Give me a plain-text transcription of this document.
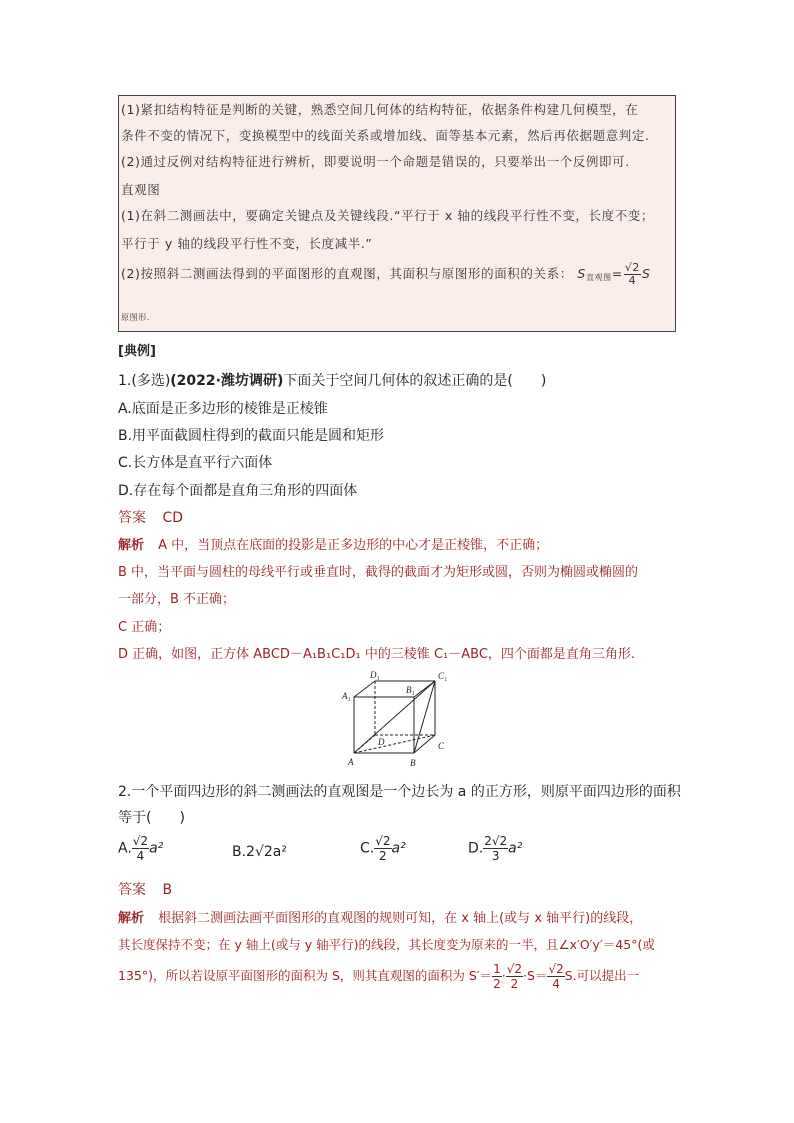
(1)紧扣结构特征是判断的关键，熟悉空间几何体的结构特征，依据条件构建几何模型，在
条件不变的情况下，变换模型中的线面关系或增加线、面等基本元素，然后再依据题意判定.
(2)通过反例对结构特征进行辨析，即要说明一个命题是错误的，只要举出一个反例即可.
直观图
(1)在斜二测画法中，要确定关键点及关键线段.“平行于 x 轴的线段平行性不变，长度不变；
平行于 y 轴的线段平行性不变，长度减半.”
(2)按照斜二测画法得到的平面图形的直观图，其面积与原图形的面积的关系： $S_{直观图}= \frac{√2}{4}$ S
原图形.
[典例]
1.(多选)(2022·潍坊调研)下面关于空间几何体的叙述正确的是(　　)
A.底面是正多边形的棱锥是正棱锥
B.用平面截圆柱得到的截面只能是圆和矩形
C.长方体是直平行六面体
D.存在每个面都是直角三角形的四面体
答案 CD
解析 A 中，当顶点在底面的投影是正多边形的中心才是正棱锥，不正确；
B 中，当平面与圆柱的母线平行或垂直时，截得的截面才为矩形或圆，否则为椭圆或椭圆的
一部分，B 不正确；
C 正确；
D 正确，如图，正方体 ABCD－A₁B₁C₁D₁ 中的三棱锥 C₁－ABC，四个面都是直角三角形.
D₁
B₁
C₁
A₁
D
A	B
C
2.一个平面四边形的斜二测画法的直观图是一个边长为 a 的正方形，则原平面四边形的面积
等于(　　)
A. $\frac{√2}{4} a^2$	B.2√2a²	C. $\frac{√2}{2} a^2$	D. $\frac{2√2}{3} a^2$
答案 B
解析 根据斜二测画法画平面图形的直观图的规则可知，在 x 轴上(或与 x 轴平行)的线段，
其长度保持不变；在 y 轴上(或与 y 轴平行)的线段，其长度变为原来的一半，且∠x′O′y′＝45°(或
135°)，所以若设原平面图形的面积为 S，则其直观图的面积为 $S'= \frac{1}{2} \cdot \frac{√2}{2} \cdot S= \frac{√2}{4} S$.可以提出一
